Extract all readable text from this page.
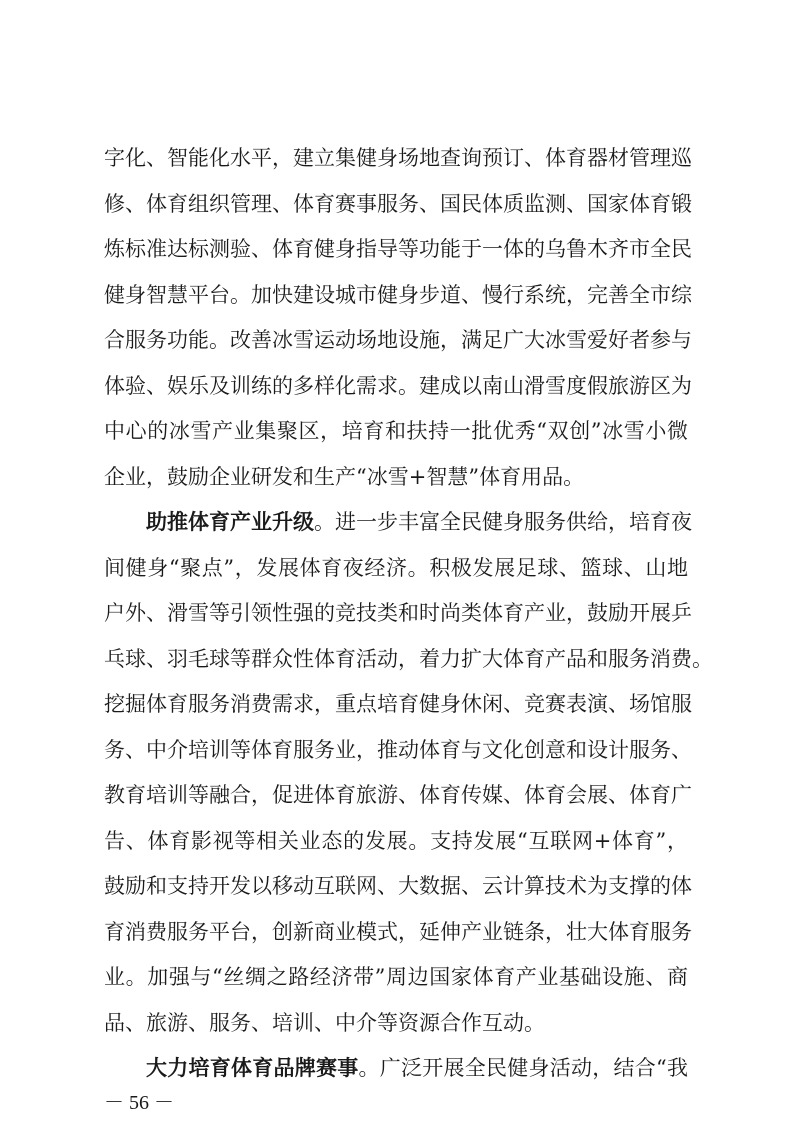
字化、智能化水平，建立集健身场地查询预订、体育器材管理巡
修、体育组织管理、体育赛事服务、国民体质监测、国家体育锻
炼标准达标测验、体育健身指导等功能于一体的乌鲁木齐市全民
健身智慧平台。加快建设城市健身步道、慢行系统，完善全市综
合服务功能。改善冰雪运动场地设施，满足广大冰雪爱好者参与
体验、娱乐及训练的多样化需求。建成以南山滑雪度假旅游区为
中心的冰雪产业集聚区，培育和扶持一批优秀“双创”冰雪小微
企业，鼓励企业研发和生产“冰雪+智慧”体育用品。
助推体育产业升级。进一步丰富全民健身服务供给，培育夜
间健身“聚点”，发展体育夜经济。积极发展足球、篮球、山地
户外、滑雪等引领性强的竞技类和时尚类体育产业，鼓励开展乒
乓球、羽毛球等群众性体育活动，着力扩大体育产品和服务消费。
挖掘体育服务消费需求，重点培育健身休闲、竞赛表演、场馆服
务、中介培训等体育服务业，推动体育与文化创意和设计服务、
教育培训等融合，促进体育旅游、体育传媒、体育会展、体育广
告、体育影视等相关业态的发展。支持发展“互联网+体育”，
鼓励和支持开发以移动互联网、大数据、云计算技术为支撑的体
育消费服务平台，创新商业模式，延伸产业链条，壮大体育服务
业。加强与“丝绸之路经济带”周边国家体育产业基础设施、商
品、旅游、服务、培训、中介等资源合作互动。
大力培育体育品牌赛事。广泛开展全民健身活动，结合“我
－ 56 －
